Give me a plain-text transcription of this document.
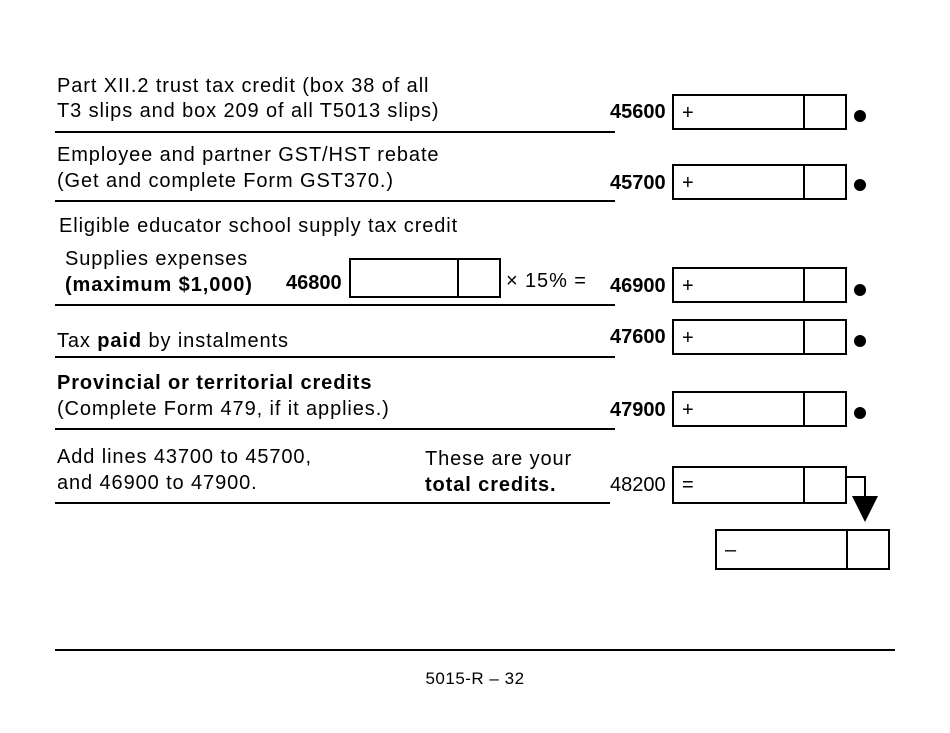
Part XII.2 trust tax credit (box 38 of all
T3 slips and box 209 of all T5013 slips)	45600 +
Employee and partner GST/HST rebate
(Get and complete Form GST370.)	45700 +
Eligible educator school supply tax credit
Supplies expenses
(maximum $1,000) 46800	× 15% = 46900 +
Tax paid by instalments	47600 +
Provincial or territorial credits
(Complete Form 479, if it applies.)	47900 +
Add lines 43700 to 45700,
and 46900 to 47900.
These are your
total credits.	48200 =
–
5015-R – 32
